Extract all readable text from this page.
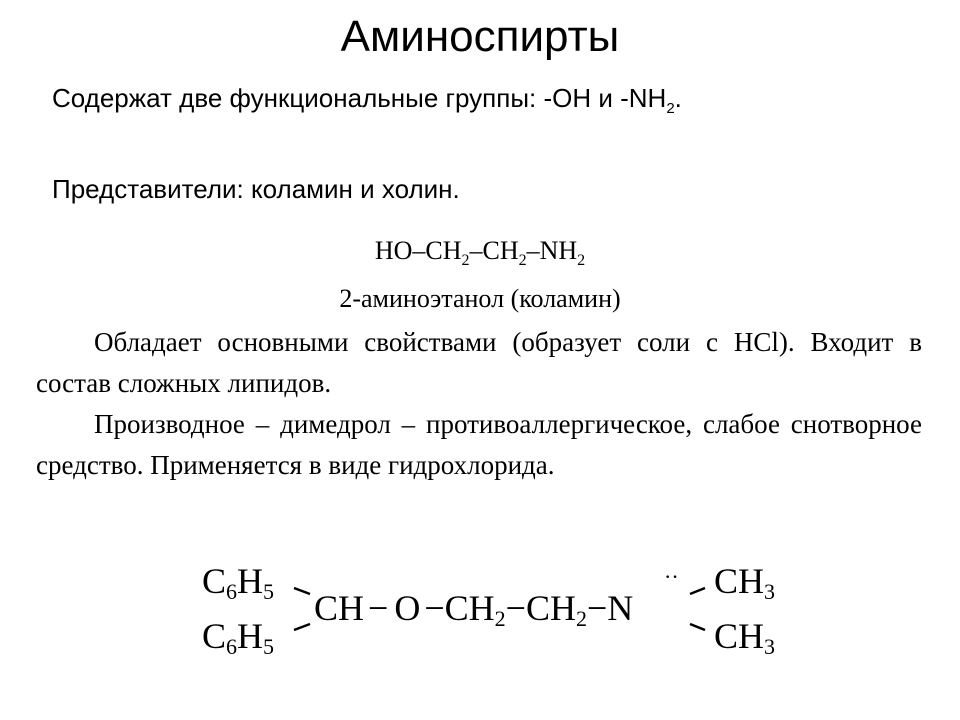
Аминоспирты
Содержат две функциональные группы: -ОН и $-NH_2$.
Представители: коламин и холин.
$HO-CH_2-CH_2-NH_2$
2-аминоэтанол (коламин)
Обладает основными свойствами (образует соли с HCl). Входит в состав сложных липидов.
Производное – димедрол – противоаллергическое, слабое снотворное средство. Применяется в виде гидрохлорида.
C6H5
C6H5
CH − O −CH2−CH2−N
·· CH3
CH3
